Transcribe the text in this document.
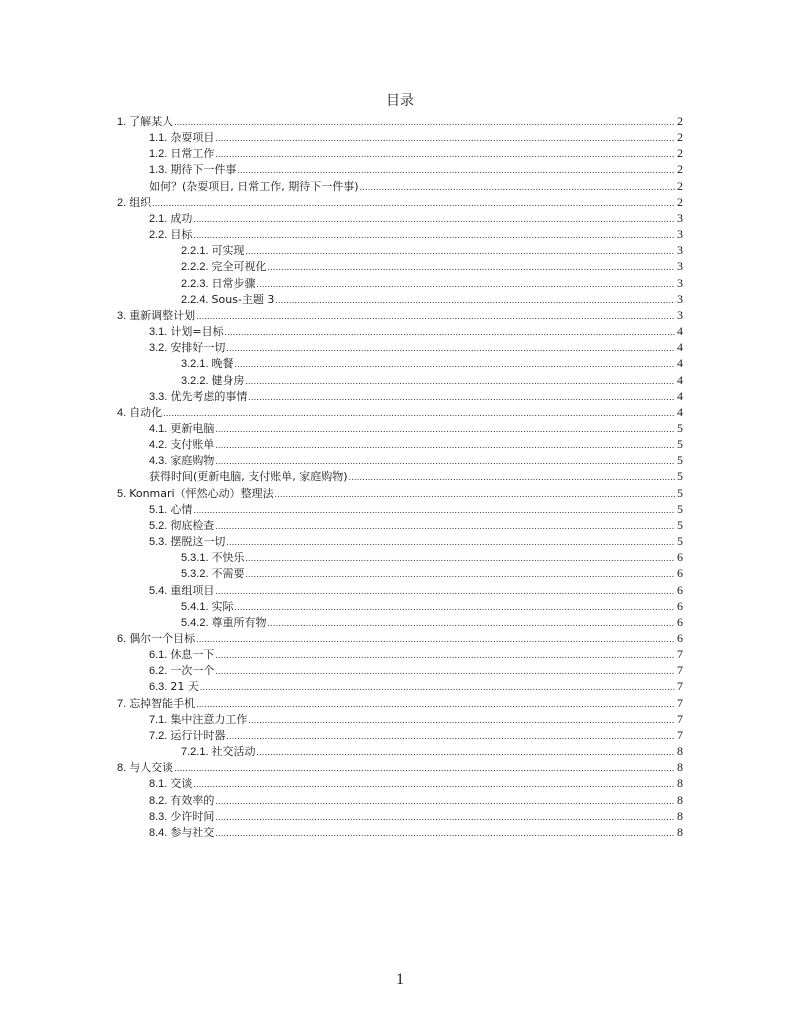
目录
1. 了解某人 .....	2
1.1. 杂耍项目 .....	2
1.2. 日常工作 .....	2
1.3. 期待下一件事 .....	2
如何？(杂耍项目, 日常工作, 期待下一件事) .....	2
2. 组织 .....	2
2.1. 成功 .....	3
2.2. 目标 .....	3
2.2.1. 可实现 .....	3
2.2.2. 完全可视化 .....	3
2.2.3. 日常步骤 .....	3
2.2.4. Sous-主题 3 .....	3
3. 重新调整计划 .....	3
3.1. 计划=目标 .....	4
3.2. 安排好一切 .....	4
3.2.1. 晚餐 .....	4
3.2.2. 健身房 .....	4
3.3. 优先考虑的事情 .....	4
4. 自动化 .....	4
4.1. 更新电脑 .....	5
4.2. 支付账单 .....	5
4.3. 家庭购物 .....	5
获得时间(更新电脑, 支付账单, 家庭购物) .....	5
5. Konmari（怦然心动）整理法 .....	5
5.1. 心情 .....	5
5.2. 彻底检查 .....	5
5.3. 摆脱这一切 .....	5
5.3.1. 不快乐 .....	6
5.3.2. 不需要 .....	6
5.4. 重组项目 .....	6
5.4.1. 实际 .....	6
5.4.2. 尊重所有物 .....	6
6. 偶尔一个目标 .....	6
6.1. 休息一下 .....	7
6.2. 一次一个 .....	7
6.3. 21 天 .....	7
7. 忘掉智能手机 .....	7
7.1. 集中注意力工作 .....	7
7.2. 运行计时器 .....	7
7.2.1. 社交活动 .....	8
8. 与人交谈 .....	8
8.1. 交谈 .....	8
8.2. 有效率的 .....	8
8.3. 少许时间 .....	8
8.4. 参与社交 .....	8
1
